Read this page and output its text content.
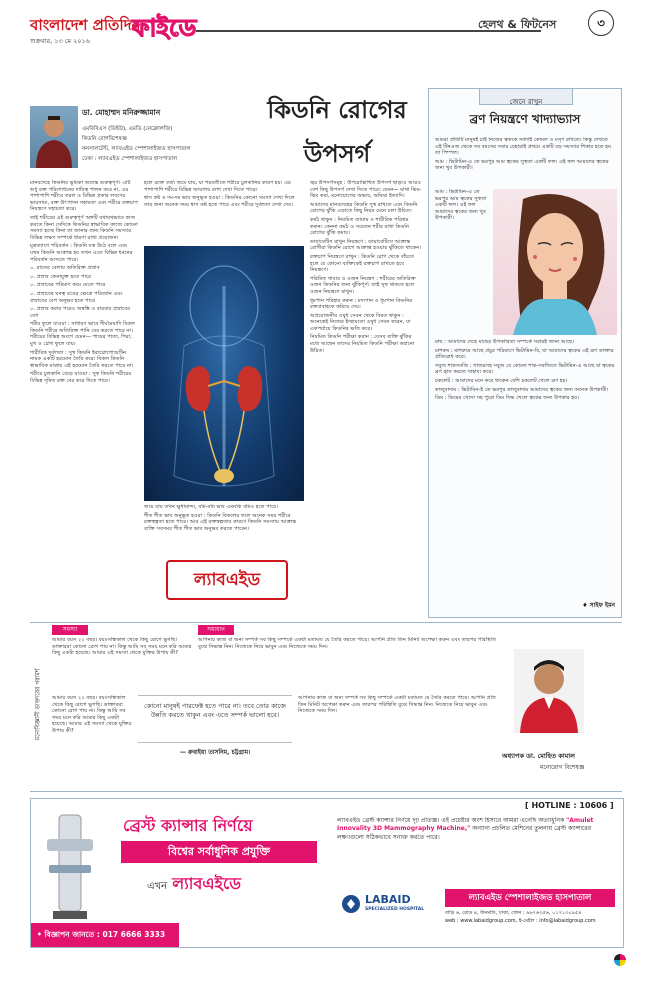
বাংলাদেশ প্রতিদিন
শুক্রবার, ১৩ মে ২০১৬ ফাইডে	হেলথ & ফিটনেস	৩
ডা. মোহাম্মদ মনিরুজ্জামান
এমবিবিএস (ডিইউ), এমডি (নেফ্রোলজি)
কিডনি রোগবিশেষজ্ঞ
কনসালটেন্ট, ল্যাবএইড স্পেশালাইজড হাসপাতাল
ঢেকা : ল্যাবএইড স্পেশালাইজড হাসপাতাল
কিডনি রোগের
উপসর্গ

মানবদেহে কিডনির ভূমিকা অত্যন্ত গুরুত্বপূর্ণ। এটি শুধু রক্ত পরিশোধনের দায়িত্ব পালন করে না, এর পাশাপাশি শরীরে তরল ও বিভিন্ন প্রকার লবণের ভারসাম্য, রক্ত উৎপাদন সহায়তা এবং শরীরে রক্তচাপ নিয়ন্ত্রণে সহায়তা করে।

তাই শরীরের এই গুরুত্বপূর্ণ অঙ্গটি যথাযথভাবে কাজ করতে কিনা সেদিকে কিডনির স্বাভাবিক কাজে কোনো সমস্যা হচ্ছে কিনা তা জানার জন্য কিডনি সমস্যার বিভিন্ন লক্ষণ সম্পর্কে ধারণা রাখা প্রয়োজন।

মূত্রত্যাগে পরিবর্তন : কিডনি যত্ন উঠে বলে এবং যখন কিডনি আক্রান্ত হয় তখন এতে বিভিন্ন ধরনের পরিবর্তন আসতে পারে।

০. রাতের বেলায় অতিরিক্ত প্রস্রাব

০. প্রস্রাব ফেনাযুক্ত হতে পারে

০. প্রস্রাবের পরিমাণ কমে যেতে পারে

০. প্রস্রাবের ঘনত্ব রঙের ক্ষেত্রে পরিবর্তন এবং প্রস্রাবের বেগ অনুভব হতে পারে

০. প্রস্রাব করার পরেও অস্বস্তি ও বারবার প্রস্রাবের বেগ

শরীর ফুলে যাওয়া : সাধারণ ভাবে দীর্ঘমেয়াদি বিকল কিডনি শরীরে অতিরিক্ত পানি বের করতে পারে না। শরীরের বিভিন্ন অংশে যেমন— পায়ের পাতা, গিরা, মুখ ও চোখ ফুলে যায়।

শারীরিক দুর্বলতা : সুস্থ কিডনি ইরাথ্রোপোয়েটিন নামক একটি হরমোন তৈরি করে। বিকল কিডনি স্বাভাবিক মাত্রায় এই হরমোন তৈরি করতে পারে না।

শরীরে চুলকানি বেড়ে যাওয়া : সুস্থ কিডনি শরীরের বিভিন্ন দূষিত রক্ত বের করে দিতে পারে।

হলে রক্তে বর্জ্য জমে যায়, যা পরবর্তীতে শরীরে চুলকানির কারণ হয়। এর পাশাপাশি শরীরে বিভিন্ন জায়গায় র‍্যাশ দেখা দিতে পারে।

শ্বাস কষ্ট ও দম-দম ভাব অনুভূত হওয়া : কিডনির কোনো সমস্যা দেখা দিলে তার জন্য অনেক সময় শ্বাস কষ্ট হতে পারে এবং শরীরে দুর্বলতা দেখা দেয়।

জমে যায় তখন ক্ষুধামান্দ্য, বমি-বমি ভাব এমনকি বমিও হতে পারে।

শীত শীত ভাব অনুভূত হওয়া : কিডনি বিকলের ফলে অনেক সময় শরীরে রক্তস্বল্পতা হতে পারে। আর এই রক্তস্বল্পতার কারণে কিডনি সমস্যায় আক্রান্ত ব্যক্তি সবসময় শীত শীত ভাব অনুভব করতে পারেন।

ল্যাবএইড

জ্বর উপসর্গসমূহ : উপরোল্লিখিত উপসর্গ ছাড়াও আরও বেশ কিছু উপসর্গ দেখা দিতে পারে। যেমন— মাথা ঝিম-ঝিম করা, মনোযোগের অভাব, অনিদ্রা ইত্যাদি।

আমাদের মানবদেহের কিডনি সুস্থ রাখতে এবং কিডনি রোগের ঝুঁকি এড়াতে কিছু নিয়ম মেনে চলা উচিত।

কর্মঠ থাকুন : নিয়মিত ব্যায়াম ও শারীরিক পরিশ্রম করুন। কেননা কর্মঠ ও সচেতন শরীর রাখা কিডনি রোগের ঝুঁকি কমায়।

ডায়াবেটিস রাখুন নিয়ন্ত্রণে : ডায়াবেটিসে আক্রান্ত রোগীরা কিডনি রোগে আক্রান্ত হওয়ার ঝুঁকিতে থাকেন।

রক্তচাপ নিয়ন্ত্রণে রাখুন : কিডনি রোগ থেকে বাঁচতে হলে যে কোনো ব্যক্তিকেই রক্তচাপ রাখতে হবে নিয়ন্ত্রণে।

পরিমিত খাবার ও ওজন নিয়ন্ত্রণ : শরীরের অতিরিক্ত ওজন কিডনির জন্য ঝুঁকিপূর্ণ। তাই সুস্থ থাকতে হলে ওজন নিয়ন্ত্রণে রাখুন।

ধূমপান পরিহার করুন : মদ্যপান ও ধূমপান কিডনির রক্তপ্রবাহকে কমিয়ে দেয়।

অপ্রয়োজনীয় ওষুধ সেবন থেকে বিরত থাকুন : অনেকেই নিজের ইচ্ছামতো ওষুধ সেবন করেন, যা একপর্যায়ে কিডনির ক্ষতি করে।

নিয়মিত কিডনি পরীক্ষা করান : যেসব ব্যক্তি ঝুঁকির মধ্যে আছেন তাদের নিয়মিত কিডনি পরীক্ষা করানো উচিত।

জেনে রাখুন
ব্রণ নিয়ন্ত্রণে খাদ্যাভ্যাস

আমরা প্রতিটি মানুষই চাই নিজের ত্বককে সর্বদাই কোমল ও মসৃণ রাখতে। কিন্তু দেখতে এই টিনএজ থেকে সব বয়সের সবার চেহারাই প্রথমে একটি বড় সমস্যার শিকার হতে হয় তা পিম্পল।

আম : ভিটামিন-এ তে ভরপুর আম ত্বকের সুস্থতা একটি ফল। এই ফল আমাদের ত্বকের জন্য খুব উপকারী।

আম : ভিটামিন-এ তে ভরপুর আম ত্বকের সুস্থতা একটি ফল। এই ফল আমাদের ত্বকের জন্য খুব উপকারী।

মাছ : আমাদের দেহে মাছের উপকারিতা সম্পর্কে সবারই জানা আছে।

মাশরুম : মাশরুমে আছে প্রচুর পরিমাণে ভিটামিন-বি, যা আমাদের ত্বকের এই ব্রণ ডাক্তার প্রতিরোধ করে।

সবুজ শাকসবজি : গাজরসহ সবুজ যে কোনো শাক-সবজিতে ভিটামিন-এ আছে যা ত্বকের ব্রণ হ্রাস করতে সাহায্য করে।

চকলেট : আমাদের মনে করে থাকেন বেশি চকলেট খেলে ব্রণ হয়।

কাজুবাদাম : ভিটামিন-ই তে ভরপুর কাজুবাদাম আমাদের ত্বকের জন্য অনেক উপকারী।

ডিম : ডিমের খোসা সহ পুরো ডিম সিদ্ধ খেলে ত্বকের জন্য উপকার হয়।

♦ সাইফ ইমন
মনোবিজ্ঞানী ডাক্তারের পরামর্শ
সমস্যা
আমার বয়স ২২ বছর। বয়ঃসন্ধিকাল থেকে কিছু রোগে ভুগছি। ডাক্তাররা কোনো রোগ পায় না। কিন্তু আমি সব সময় মনে করি আমার কিছু একটা হয়েছে। আমার এই সমস্যা থেকে মুক্তির উপায় কী?
কোনো মানুষই পারফেক্ট হতে পারে না। তবে তোর কাজে উন্নতি করতে থাকুন এবং এতে সম্পর্ক ভালো হবে।
আমার বয়স ২২ বছর। বয়ঃসন্ধিকাল থেকে কিছু রোগে ভুগছি। ডাক্তাররা কোনো রোগ পায় না। কিন্তু আমি সব সময় মনে করি আমার কিছু একটা হয়েছে। আমার এই সমস্যা থেকে মুক্তির উপায় কী?
— রুবাইয়া তাসনিম, চট্টগ্রাম।
সমাধান
আপনার কাজ বা অন্য সম্পর্ক সব কিছু সম্পর্কে একটা মতামত যে তৈরি করতে পারে। আপনি প্রতি তিন মিনিট অপেক্ষা করুন এবং তারপর পরিস্থিতি বুঝে সিদ্ধান্ত নিন। নিজেকে নিয়ে ভাবুন এবং নিজেকে সময় দিন।
আপনার কাজ বা অন্য সম্পর্ক সব কিছু সম্পর্কে একটা মতামত যে তৈরি করতে পারে। আপনি প্রতি তিন মিনিট অপেক্ষা করুন এবং তারপর পরিস্থিতি বুঝে সিদ্ধান্ত নিন। নিজেকে নিয়ে ভাবুন এবং নিজেকে সময় দিন।
অধ্যাপক ডা. মোহিত কামাল
মনোরোগ বিশেষজ্ঞ
ব্রেস্ট ক্যান্সার নির্ণয়ে
বিশ্বের সর্বাধুনিক প্রযুক্তি
এখন ল্যাবএইডে
• বিজ্ঞাপন জানতে : 017 6666 3333
[ HOTLINE : 10606 ]
ল্যাবএইড ব্রেস্ট ক্যান্সার নির্ণয়ে দৃঢ় প্রতিজ্ঞ। এই প্রচেষ্টার অংশ হিসাবে আমরা এনেছি অত্যাধুনিক "Amulet Innovality 3D Mammography Machine," অন্যান্য প্রচলিত মেশিনের তুলনায় ব্রেস্ট ক্যান্সারের লক্ষণগুলো সঠিকভাবে সনাক্ত করতে পারে।
LABAID
SPECIALIZED HOSPITAL
ল্যাবএইড স্পেশালাইজড হাসপাতাল
বাড়ি ৬, রোড ৪, ধানমন্ডি, ঢাকা, ফোন : ৯৬৭৬৩৫৬, ০১৭১৩০৯৫৪
web : www.labaidgroup.com, ই-মেইল : info@labaidgroup.com
